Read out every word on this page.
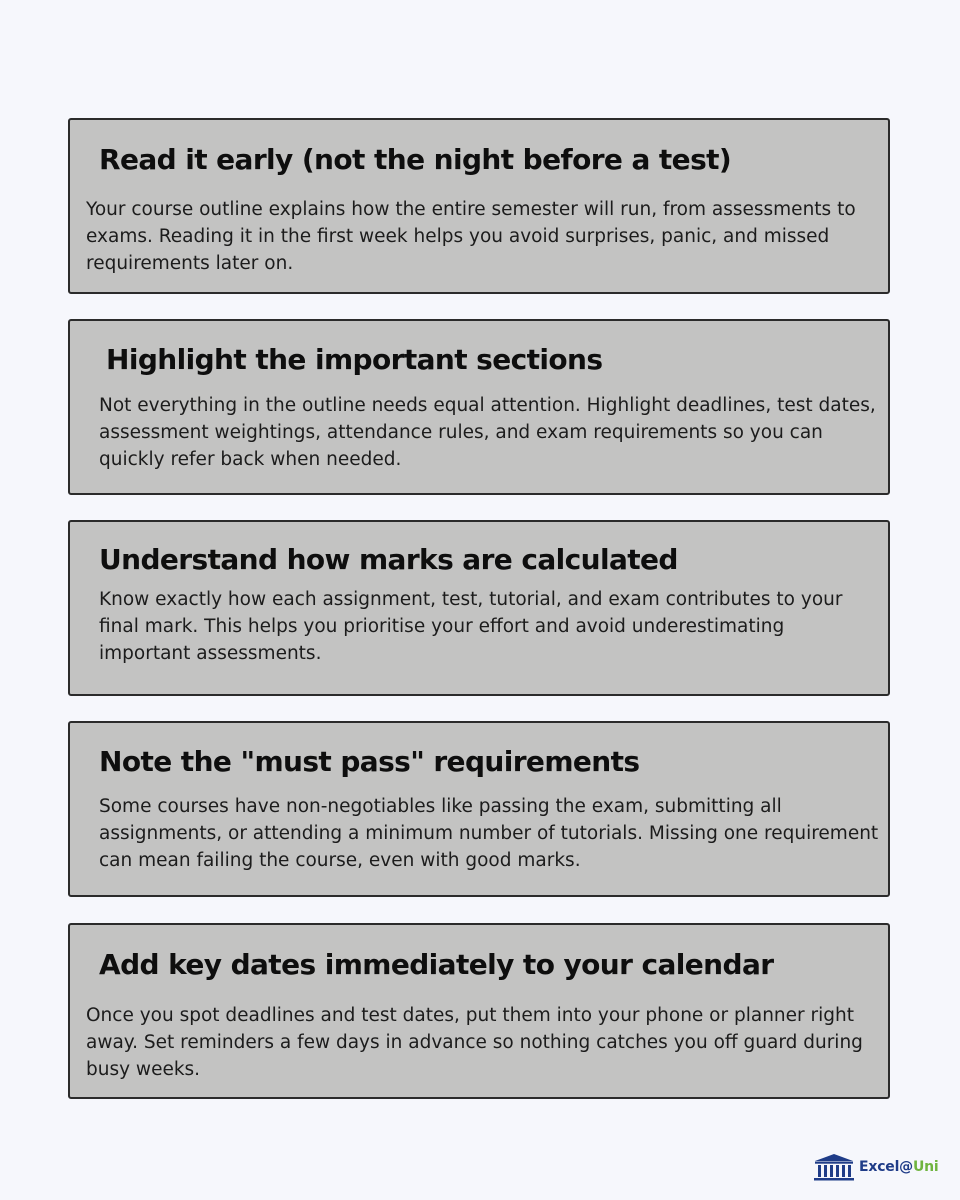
Read it early (not the night before a test)

Your course outline explains how the entire semester will run, from assessments to exams. Reading it in the first week helps you avoid surprises, panic, and missed requirements later on.

Highlight the important sections

Not everything in the outline needs equal attention. Highlight deadlines, test dates, assessment weightings, attendance rules, and exam requirements so you can quickly refer back when needed.

Understand how marks are calculated

Know exactly how each assignment, test, tutorial, and exam contributes to your final mark. This helps you prioritise your effort and avoid underestimating important assessments.

Note the "must pass" requirements

Some courses have non-negotiables like passing the exam, submitting all assignments, or attending a minimum number of tutorials. Missing one requirement can mean failing the course, even with good marks.

Add key dates immediately to your calendar

Once you spot deadlines and test dates, put them into your phone or planner right away. Set reminders a few days in advance so nothing catches you off guard during busy weeks.

Excel@Uni
